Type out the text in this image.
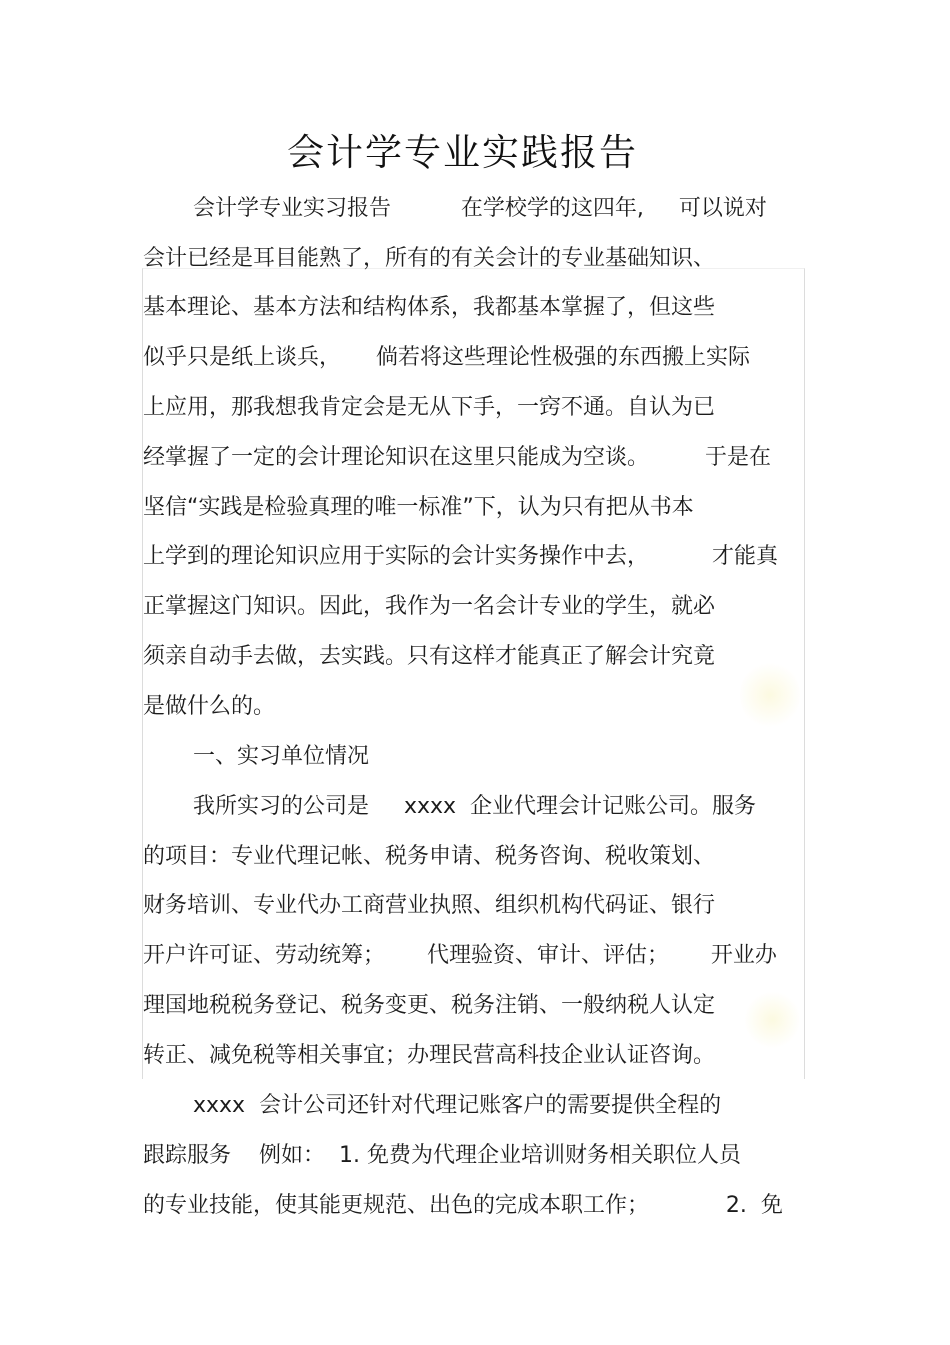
会计学专业实践报告
会计学专业实习报告          在学校学的这四年,     可以说对
会计已经是耳目能熟了，所有的有关会计的专业基础知识、
基本理论、基本方法和结构体系，我都基本掌握了，但这些
似乎只是纸上谈兵，     倘若将这些理论性极强的东西搬上实际
上应用，那我想我肯定会是无从下手，一窍不通。自认为已
经掌握了一定的会计理论知识在这里只能成为空谈。        于是在
坚信“实践是检验真理的唯一标准”下，认为只有把从书本
上学到的理论知识应用于实际的会计实务操作中去，         才能真
正掌握这门知识。因此，我作为一名会计专业的学生，就必
须亲自动手去做，去实践。只有这样才能真正了解会计究竟
是做什么的。
一、实习单位情况
我所实习的公司是     xxxx  企业代理会计记账公司。服务
的项目：专业代理记帐、税务申请、税务咨询、税收策划、
财务培训、专业代办工商营业执照、组织机构代码证、银行
开户许可证、劳动统筹；      代理验资、审计、评估；      开业办
理国地税税务登记、税务变更、税务注销、一般纳税人认定
转正、减免税等相关事宜；办理民营高科技企业认证咨询。
xxxx  会计公司还针对代理记账客户的需要提供全程的
跟踪服务    例如：  1. 免费为代理企业培训财务相关职位人员
的专业技能，使其能更规范、出色的完成本职工作；           2.  免
